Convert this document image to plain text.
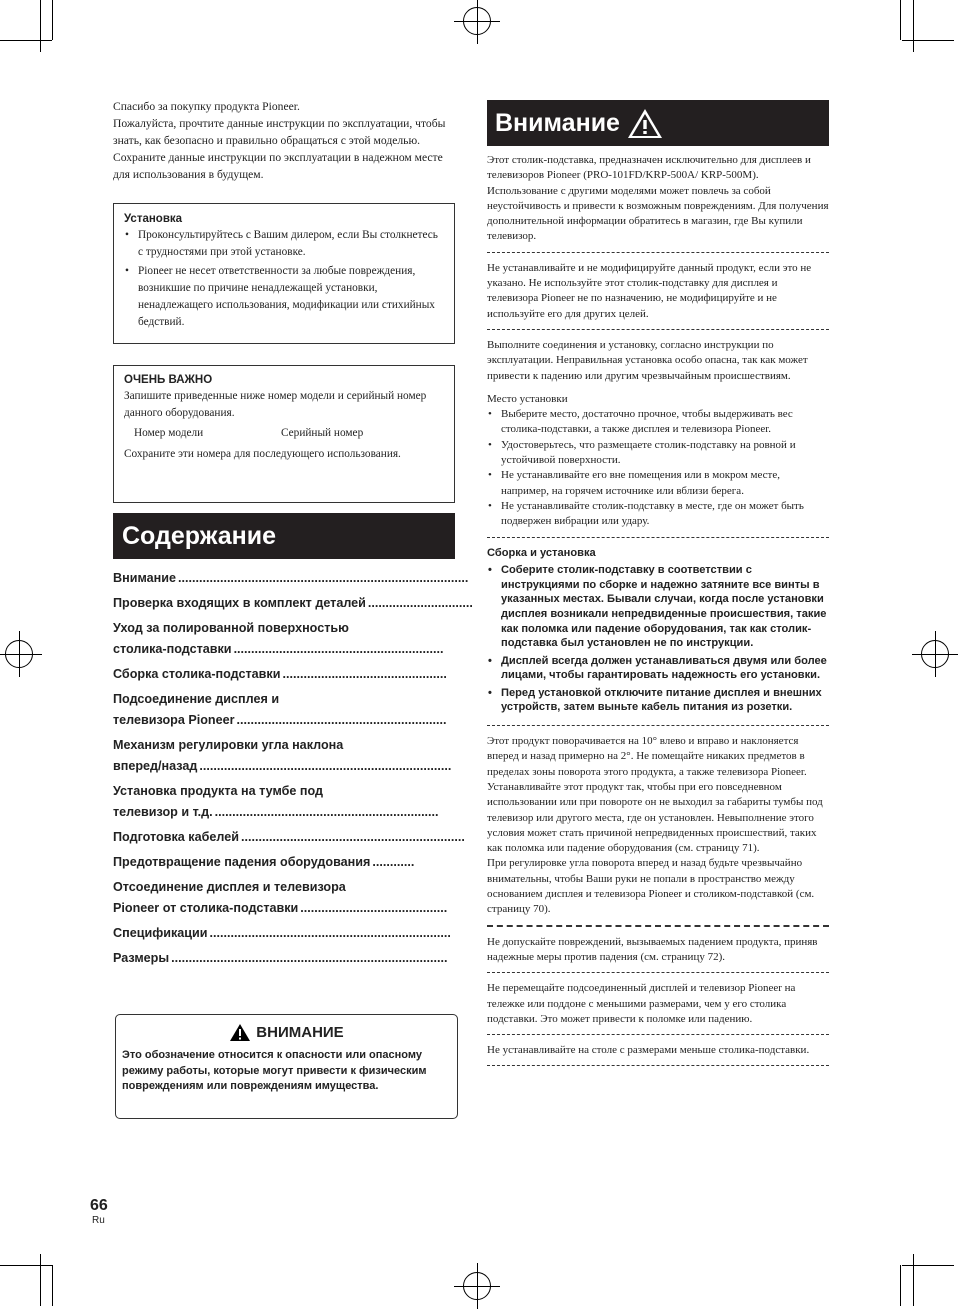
Спасибо за покупку продукта Pioneer.

Пожалуйста, прочтите данные инструкции по эксплуатации, чтобы знать, как безопасно и правильно обращаться с этой моделью. Сохраните данные инструкции по эксплуатации в надежном месте для использования в будущем.

Установка
• Проконсультируйтесь с Вашим дилером, если Вы столкнетесь с трудностями при этой установке.
• Pioneer не несет ответственности за любые повреждения, возникшие по причине ненадлежащей установки, ненадлежащего использования, модификации или стихийных бедствий.
ОЧЕНЬ ВАЖНО
Запишите приведенные ниже номер модели и серийный номер данного оборудования.
Номер модели	Серийный номер
Сохраните эти номера для последующего использования.
Содержание
Внимание ...................................................................................
Проверка входящих в комплект деталей ..............................
Уход за полированной поверхностью
столика-подставки ............................................................
Сборка столика-подставки ...............................................
Подсоединение дисплея и
телевизора Pioneer ............................................................
Механизм регулировки угла наклона
вперед/назад ........................................................................
Установка продукта на тумбе под
телевизор и т.д. ................................................................
Подготовка кабелей ................................................................
Предотвращение падения оборудования ............
Отсоединение дисплея и телевизора
Pioneer от столика-подставки ..........................................
Спецификации .....................................................................
Размеры ...............................................................................
ВНИМАНИЕ
Это обозначение относится к опасности или опасному режиму работы, которые могут привести к физическим повреждениям или повреждениям имущества.
66
Ru
Внимание

Этот столик-подставка, предназначен исключительно для дисплеев и телевизоров Pioneer (PRO-101FD/KRP-500A/ KRP-500M). Использование с другими моделями может повлечь за собой неустойчивость и привести к возможным повреждениям. Для получения дополнительной информации обратитесь в магазин, где Вы купили телевизор.

Не устанавливайте и не модифицируйте данный продукт, если это не указано. Не используйте этот столик-подставку для дисплея и телевизора Pioneer не по назначению, не модифицируйте и не используйте его для других целей.

Выполните соединения и установку, согласно инструкции по эксплуатации. Неправильная установка особо опасна, так как может привести к падению или другим чрезвычайным происшествиям.

Место установки

• Выберите место, достаточно прочное, чтобы выдерживать вес столика-подставки, а также дисплея и телевизора Pioneer.
• Удостоверьтесь, что размещаете столик-подставку на ровной и устойчивой поверхности.
• Не устанавливайте его вне помещения или в мокром месте, например, на горячем источнике или вблизи берега.
• Не устанавливайте столик-подставку в месте, где он может быть подвержен вибрации или удару.
Сборка и установка
• Соберите столик-подставку в соответствии с инструкциями по сборке и надежно затяните все винты в указанных местах. Бывали случаи, когда после установки дисплея возникали непредвиденные происшествия, такие как поломка или падение оборудования, так как столик-подставка был установлен не по инструкции.
• Дисплей всегда должен устанавливаться двумя или более лицами, чтобы гарантировать надежность его установки.
• Перед установкой отключите питание дисплея и внешних устройств, затем выньте кабель питания из розетки.

Этот продукт поворачивается на 10° влево и вправо и наклоняется вперед и назад примерно на 2°. Не помещайте никаких предметов в пределах зоны поворота этого продукта, а также телевизора Pioneer. Устанавливайте этот продукт так, чтобы при его повседневном использовании или при повороте он не выходил за габариты тумбы под телевизор или другого места, где он установлен. Невыполнение этого условия может стать причиной непредвиденных происшествий, таких как поломка или падение оборудования (см. страницу 71).

При регулировке угла поворота вперед и назад будьте чрезвычайно внимательны, чтобы Ваши руки не попали в пространство между основанием дисплея и телевизора Pioneer и столиком-подставкой (см. страницу 70).

Не допускайте повреждений, вызываемых падением продукта, приняв надежные меры против падения (см. страницу 72).

Не перемещайте подсоединенный дисплей и телевизор Pioneer на тележке или поддоне с меньшими размерами, чем у его столика подставки. Это может привести к поломке или падению.

Не устанавливайте на столе с размерами меньше столика-подставки.
